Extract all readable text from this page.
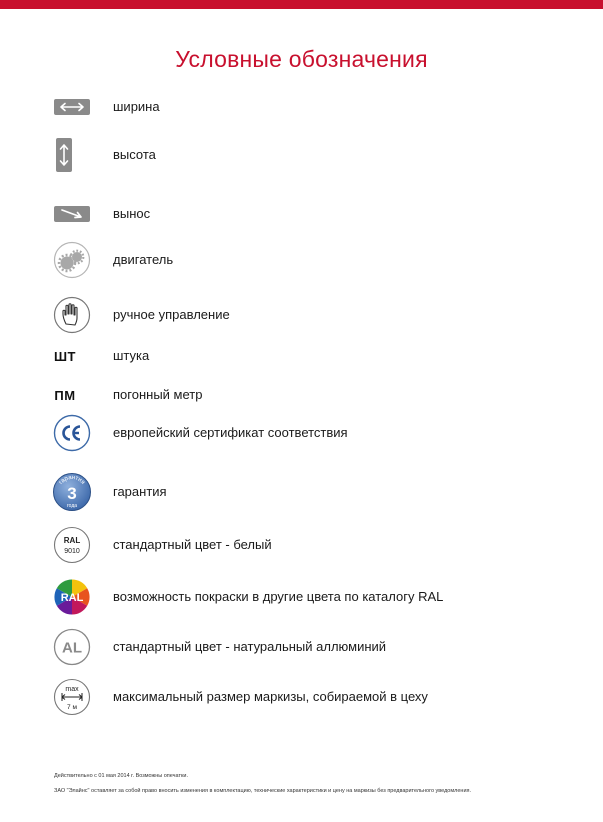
Условные обозначения
ширина
высота
вынос
двигатель
ручное управление
ШТ	штука
ПМ	погонный метр
европейский сертификат соответствия
гарантия
3
года
гарантия
RAL
9010	стандартный цвет - белый
RAL возможность покраски в другие цвета по каталогу RAL
AL стандартный цвет - натуральный аллюминий
max
7 м
максимальный размер маркизы, собираемой в цеху
Действительно с 01 мая 2014 г. Возможны опечатки.
ЗАО "Элайнс" оставляет за собой право вносить изменения в комплектацию, технические характеристики и цену на маркизы без предварительного уведомления.
